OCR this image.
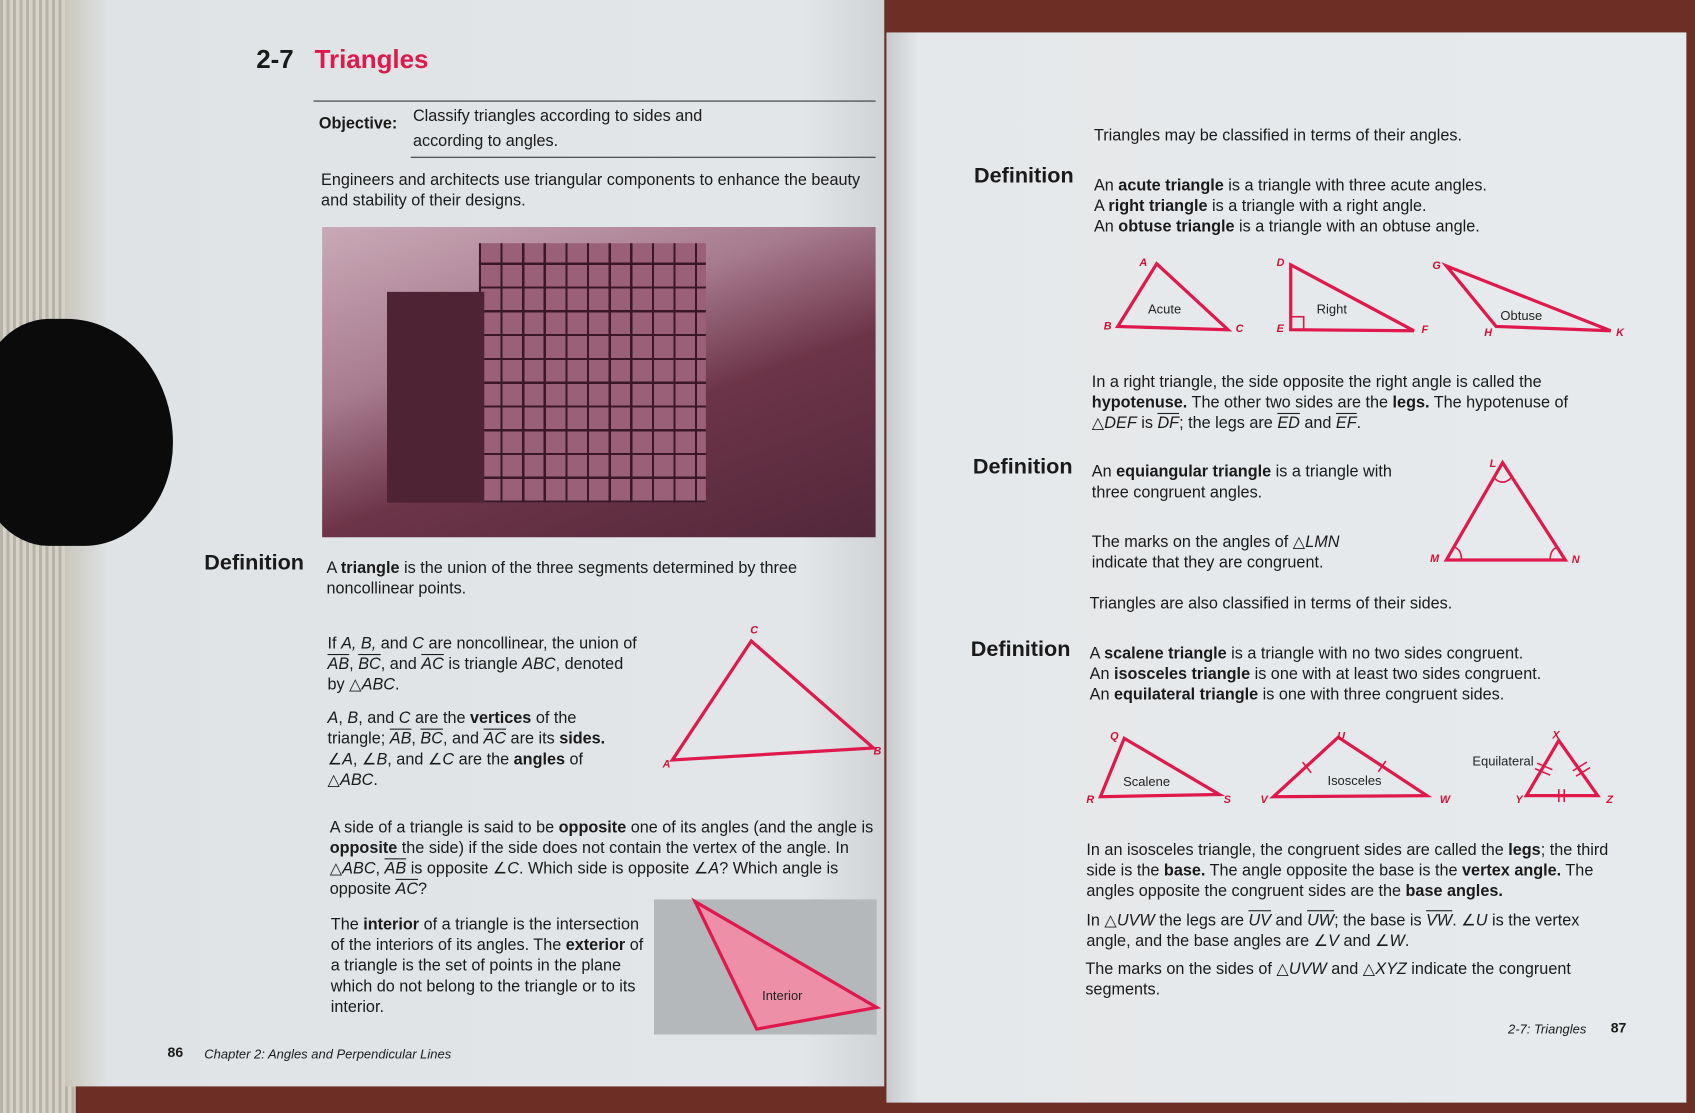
2-7 Triangles
Objective: Classify triangles according to sides and
according to angles.
Engineers and architects use triangular components to enhance the beauty and stability of their designs.
Definition A triangle is the union of the three segments determined by three noncollinear points.
If A, B, and C are noncollinear, the union of $\overline{AB}$, $\overline{BC}$, and $\overline{AC}$ is triangle ABC, denoted by △ABC.
A, B, and C are the vertices of the triangle; $\overline{AB}$, $\overline{BC}$, and $\overline{AC}$ are its sides. ∠A, ∠B, and ∠C are the angles of △ABC.
C
A
B
A side of a triangle is said to be opposite one of its angles (and the angle is opposite the side) if the side does not contain the vertex of the angle. In △ABC, $\overline{AB}$ is opposite ∠C. Which side is opposite ∠A? Which angle is opposite $\overline{AC}$?
The interior of a triangle is the intersection of the interiors of its angles. The exterior of a triangle is the set of points in the plane which do not belong to the triangle or to its interior.
Interior
86 Chapter 2: Angles and Perpendicular Lines
Triangles may be classified in terms of their angles.
Definition An acute triangle is a triangle with three acute angles.
A right triangle is a triangle with a right angle.
An obtuse triangle is a triangle with an obtuse angle.
Acute	Right	Obtuse
A
B	C
D
E	F
G
H	K
In a right triangle, the side opposite the right angle is called the hypotenuse. The other two sides are the legs. The hypotenuse of △DEF is $\overline{DF}$; the legs are $\overline{ED}$ and $\overline{EF}$.
Definition An equiangular triangle is a triangle with three congruent angles.
The marks on the angles of △LMN indicate that they are congruent.
L
M	N
Triangles are also classified in terms of their sides.
Definition A scalene triangle is a triangle with no two sides congruent.
An isosceles triangle is one with at least two sides congruent.
An equilateral triangle is one with three congruent sides.
Scalene	Isosceles
Equilateral
Q
R	S
U
V	W
X
Y	Z
In an isosceles triangle, the congruent sides are called the legs; the third side is the base. The angle opposite the base is the vertex angle. The angles opposite the congruent sides are the base angles.
In △UVW the legs are $\overline{UV}$ and $\overline{UW}$; the base is $\overline{VW}$. ∠U is the vertex angle, and the base angles are ∠V and ∠W.
The marks on the sides of △UVW and △XYZ indicate the congruent segments.
2-7: Triangles 87
